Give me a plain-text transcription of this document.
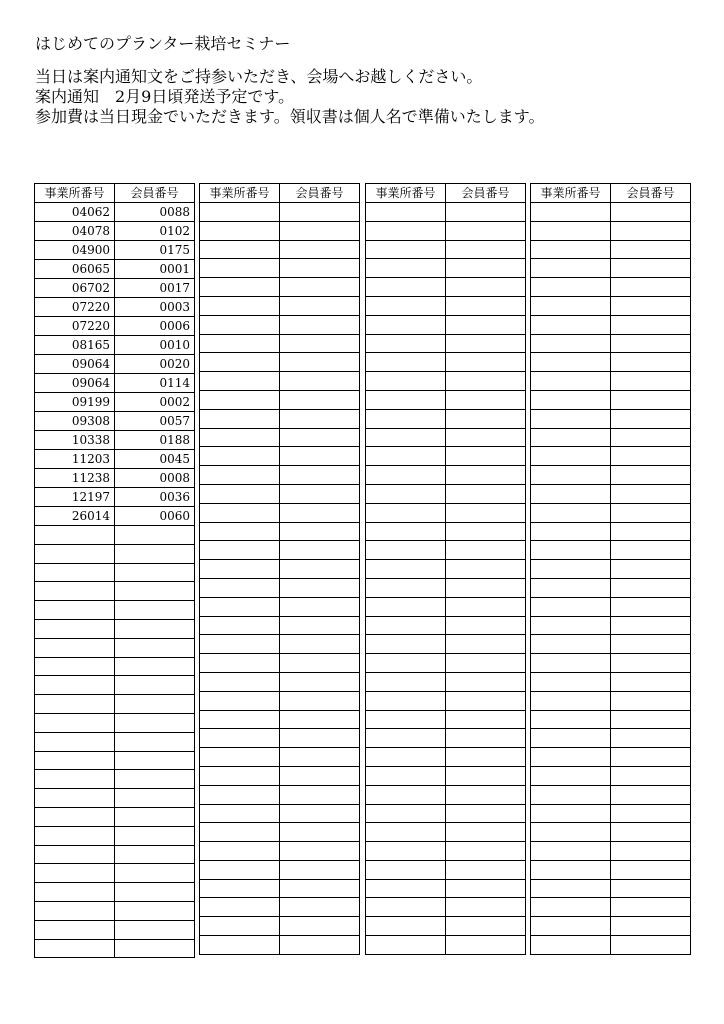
はじめてのプランター栽培セミナー
当日は案内通知文をご持参いただき、会場へお越しください。
案内通知　2月9日頃発送予定です。
参加費は当日現金でいただきます。領収書は個人名で準備いたします。
事業所番号	会員番号
04062	0088
04078	0102
04900	0175
06065	0001
06702	0017
07220	0003
07220	0006
08165	0010
09064	0020
09064	0114
09199	0002
09308	0057
10338	0188
11203	0045
11238	0008
12197	0036
26014	0060

事業所番号	会員番号

		事業所番号	会員番号

		事業所番号	会員番号
